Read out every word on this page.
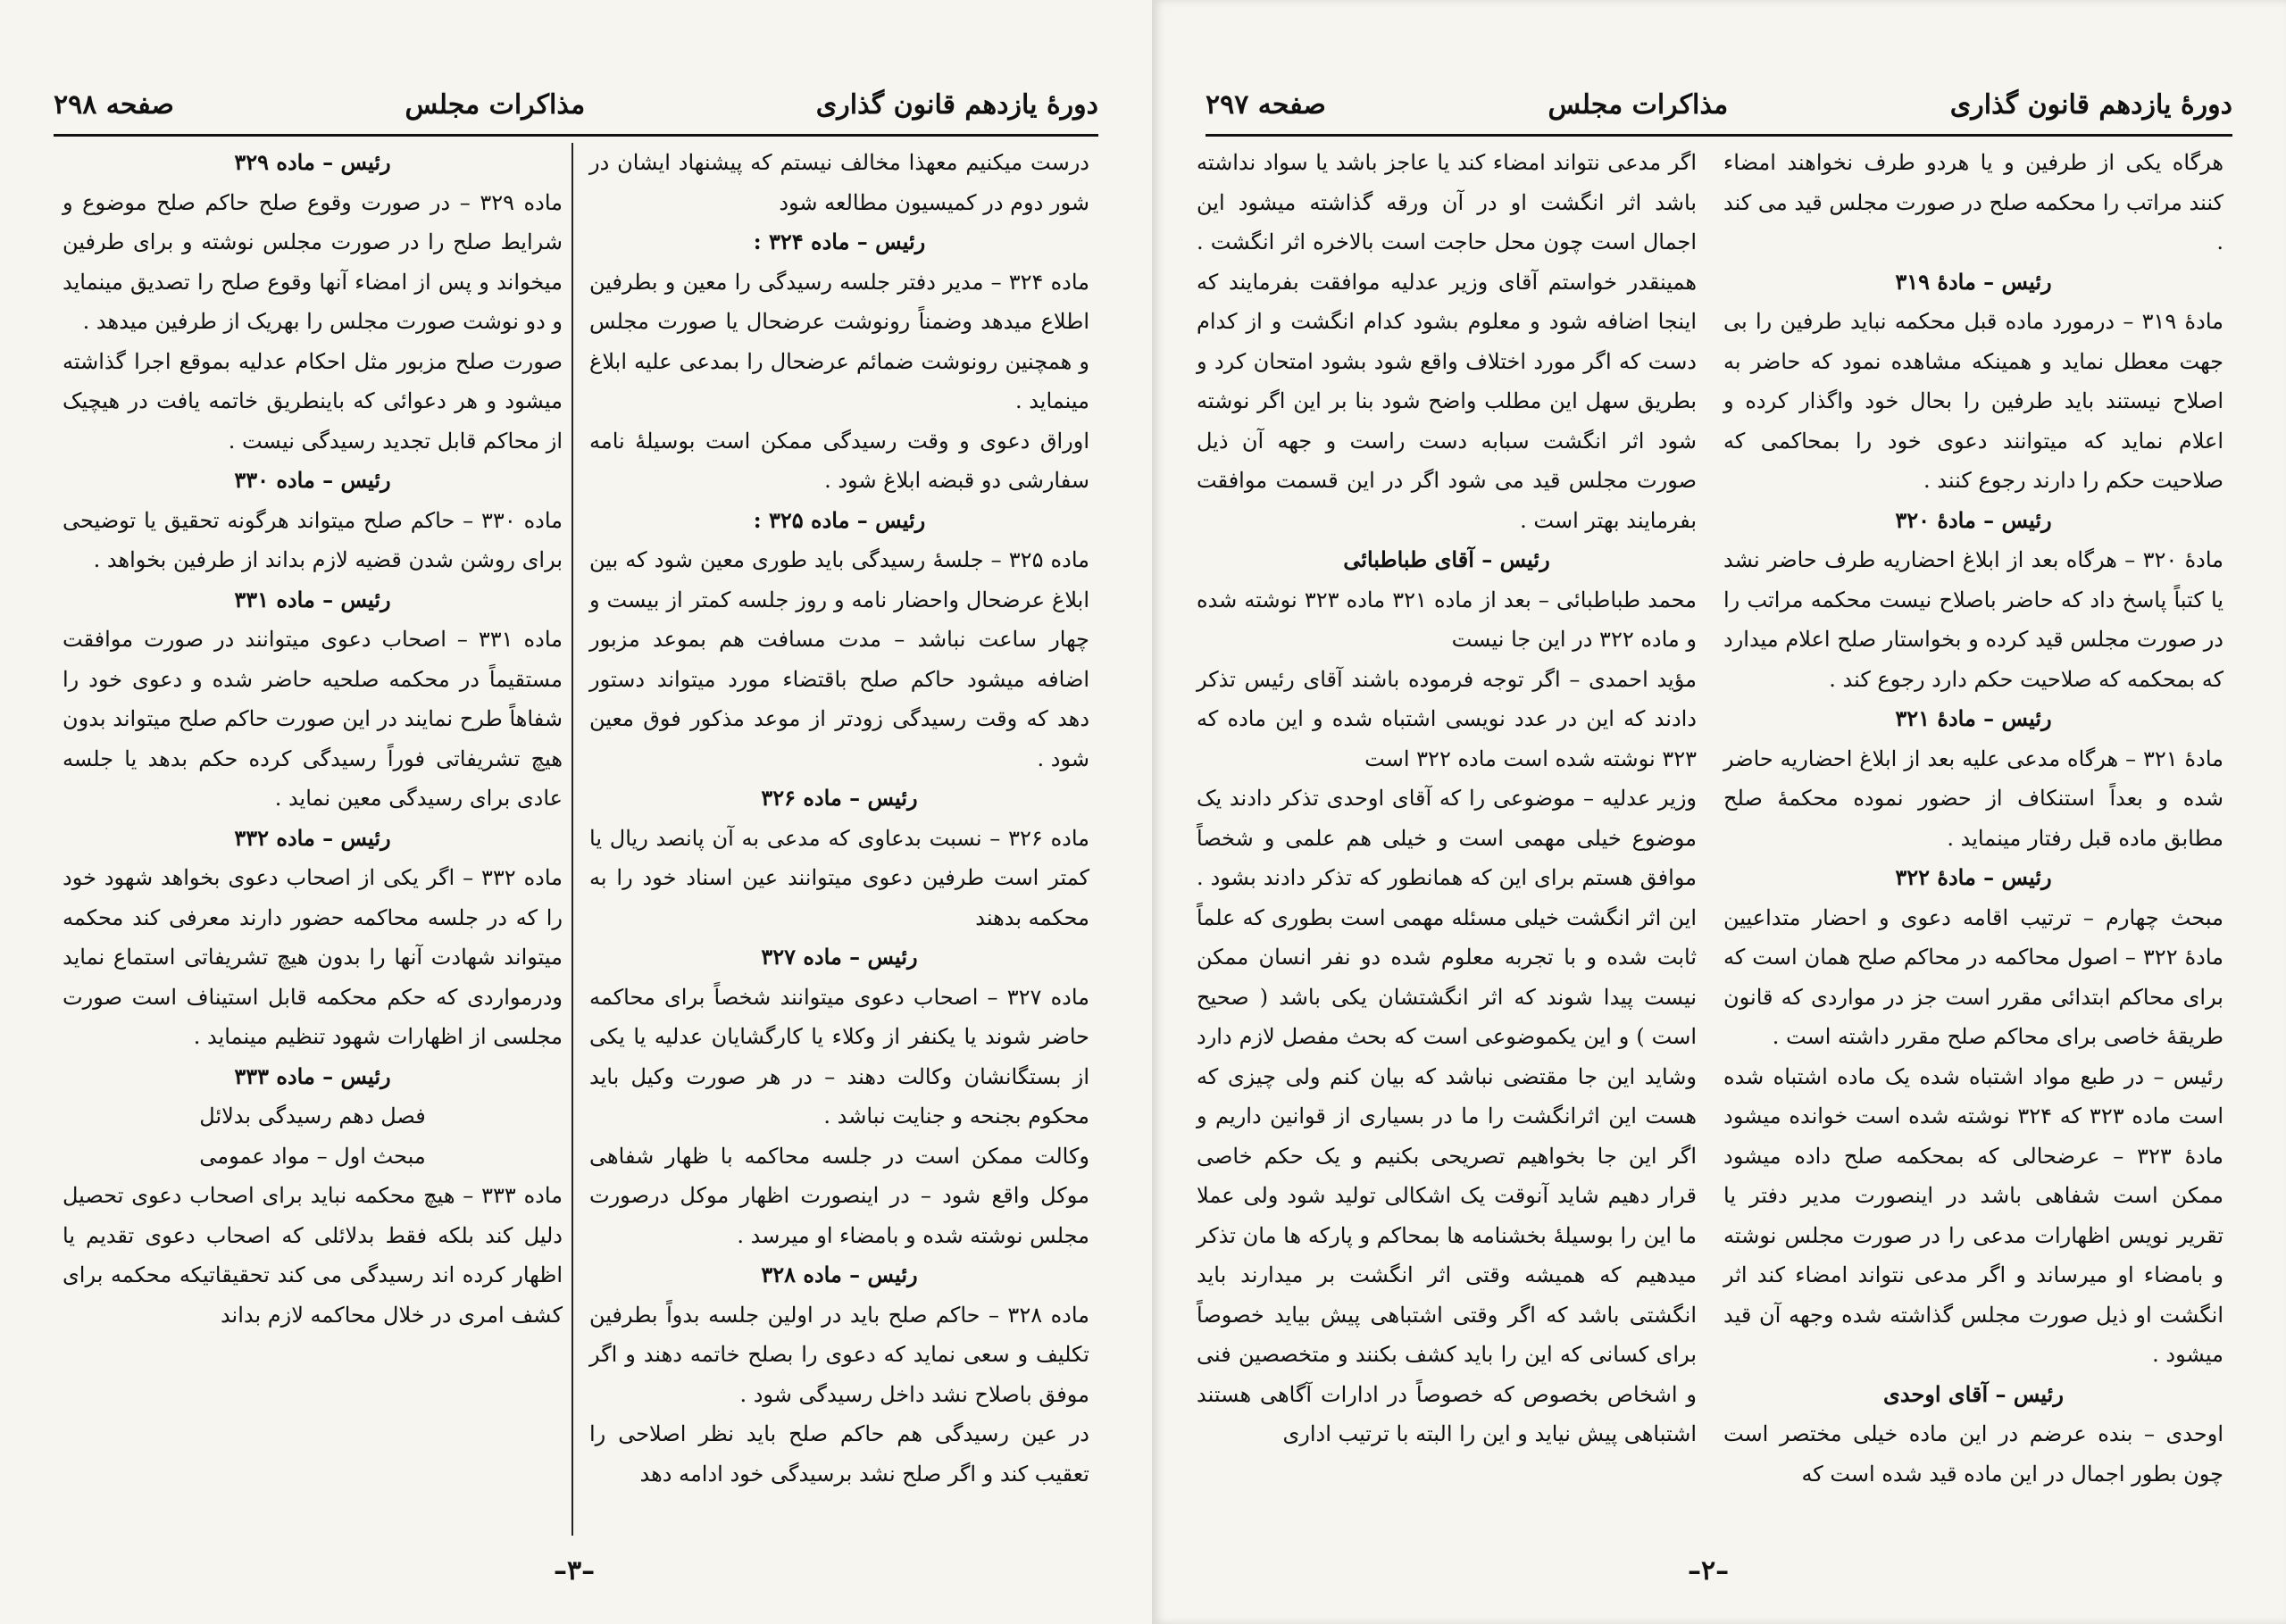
دورهٔ یازدهم قانون گذاری
مذاکرات مجلس
صفحه ۲۹۸

درست میکنیم معهذا مخالف نیستم که پیشنهاد ایشان در شور دوم در کمیسیون مطالعه شود

رئیس – ماده ۳۲۴ :

ماده ۳۲۴ – مدیر دفتر جلسه رسیدگی را معین و بطرفین اطلاع میدهد وضمناً رونوشت عرضحال یا صورت مجلس و همچنین رونوشت ضمائم عرضحال را بمدعی علیه ابلاغ مینماید .

اوراق دعوی و وقت رسیدگی ممکن است بوسیلهٔ نامه سفارشی دو قبضه ابلاغ شود .

رئیس – ماده ۳۲۵ :

ماده ۳۲۵ – جلسهٔ رسیدگی باید طوری معین شود که بین ابلاغ عرضحال واحضار نامه و روز جلسه کمتر از بیست و چهار ساعت نباشد – مدت مسافت هم بموعد مزبور اضافه میشود حاکم صلح باقتضاء مورد میتواند دستور دهد که وقت رسیدگی زودتر از موعد مذکور فوق معین شود .

رئیس – ماده ۳۲۶

ماده ۳۲۶ – نسبت بدعاوی که مدعی به آن پانصد ریال یا کمتر است طرفین دعوی میتوانند عین اسناد خود را به محکمه بدهند

رئیس – ماده ۳۲۷

ماده ۳۲۷ – اصحاب دعوی میتوانند شخصاً برای محاکمه حاضر شوند یا یکنفر از وکلاء یا کارگشایان عدلیه یا یکی از بستگانشان وکالت دهند – در هر صورت وکیل باید محکوم بجنحه و جنایت نباشد .

وکالت ممکن است در جلسه محاکمه با ظهار شفاهی موکل واقع شود – در اینصورت اظهار موکل درصورت مجلس نوشته شده و بامضاء او میرسد .

رئیس – ماده ۳۲۸

ماده ۳۲۸ – حاکم صلح باید در اولین جلسه بدواً بطرفین تکلیف و سعی نماید که دعوی را بصلح خاتمه دهند و اگر موفق باصلاح نشد داخل رسیدگی شود .

در عین رسیدگی هم حاکم صلح باید نظر اصلاحی را تعقیب کند و اگر صلح نشد برسیدگی خود ادامه دهد

رئیس – ماده ۳۲۹

ماده ۳۲۹ – در صورت وقوع صلح حاکم صلح موضوع و شرایط صلح را در صورت مجلس نوشته و برای طرفین میخواند و پس از امضاء آنها وقوع صلح را تصدیق مینماید و دو نوشت صورت مجلس را بهریک از طرفین میدهد .

صورت صلح مزبور مثل احکام عدلیه بموقع اجرا گذاشته میشود و هر دعوائی که باینطریق خاتمه یافت در هیچیک از محاکم قابل تجدید رسیدگی نیست .

رئیس – ماده ۳۳۰

ماده ۳۳۰ – حاکم صلح میتواند هرگونه تحقیق یا توضیحی برای روشن شدن قضیه لازم بداند از طرفین بخواهد .

رئیس – ماده ۳۳۱

ماده ۳۳۱ – اصحاب دعوی میتوانند در صورت موافقت مستقیماً در محکمه صلحیه حاضر شده و دعوی خود را شفاهاً طرح نمایند در این صورت حاکم صلح میتواند بدون هیچ تشریفاتی فوراً رسیدگی کرده حکم بدهد یا جلسه عادی برای رسیدگی معین نماید .

رئیس – ماده ۳۳۲

ماده ۳۳۲ – اگر یکی از اصحاب دعوی بخواهد شهود خود را که در جلسه محاکمه حضور دارند معرفی کند محکمه میتواند شهادت آنها را بدون هیچ تشریفاتی استماع نماید ودرمواردی که حکم محکمه قابل استیناف است صورت مجلسی از اظهارات شهود تنظیم مینماید .

رئیس – ماده ۳۳۳

فصل دهم رسیدگی بدلائل

مبحث اول – مواد عمومی

ماده ۳۳۳ – هیچ محکمه نباید برای اصحاب دعوی تحصیل دلیل کند بلکه فقط بدلائلی که اصحاب دعوی تقدیم یا اظهار کرده اند رسیدگی می کند تحقیقاتیکه محکمه برای کشف امری در خلال محاکمه لازم بداند

–۳–
دورهٔ یازدهم قانون گذاری
مذاکرات مجلس
صفحه ۲۹۷

هرگاه یکی از طرفین و یا هردو طرف نخواهند امضاء کنند مراتب را محکمه صلح در صورت مجلس قید می کند .

رئیس – مادهٔ ۳۱۹

مادهٔ ۳۱۹ – درمورد ماده قبل محکمه نباید طرفین را بی جهت معطل نماید و همینکه مشاهده نمود که حاضر به اصلاح نیستند باید طرفین را بحال خود واگذار کرده و اعلام نماید که میتوانند دعوی خود را بمحاکمی که صلاحیت حکم را دارند رجوع کنند .

رئیس – مادهٔ ۳۲۰

مادهٔ ۳۲۰ – هرگاه بعد از ابلاغ احضاریه طرف حاضر نشد یا کتباً پاسخ داد که حاضر باصلاح نیست محکمه مراتب را در صورت مجلس قید کرده و بخواستار صلح اعلام میدارد که بمحکمه که صلاحیت حکم دارد رجوع کند .

رئیس – مادهٔ ۳۲۱

مادهٔ ۳۲۱ – هرگاه مدعی علیه بعد از ابلاغ احضاریه حاضر شده و بعداً استنکاف از حضور نموده محکمهٔ صلح مطابق ماده قبل رفتار مینماید .

رئیس – مادهٔ ۳۲۲

مبحث چهارم – ترتیب اقامه دعوی و احضار متداعیین مادهٔ ۳۲۲ – اصول محاکمه در محاکم صلح همان است که برای محاکم ابتدائی مقرر است جز در مواردی که قانون طریقهٔ خاصی برای محاکم صلح مقرر داشته است .

رئیس – در طبع مواد اشتباه شده یک ماده اشتباه شده است ماده ۳۲۳ که ۳۲۴ نوشته شده است خوانده میشود مادهٔ ۳۲۳ – عرضحالی که بمحکمه صلح داده میشود ممکن است شفاهی باشد در اینصورت مدیر دفتر یا تقریر نویس اظهارات مدعی را در صورت مجلس نوشته و بامضاء او میرساند و اگر مدعی نتواند امضاء کند اثر انگشت او ذیل صورت مجلس گذاشته شده وجهه آن قید میشود .

رئیس – آقای اوحدی

اوحدی – بنده عرضم در این ماده خیلی مختصر است چون بطور اجمال در این ماده قید شده است که

اگر مدعی نتواند امضاء کند یا عاجز باشد یا سواد نداشته باشد اثر انگشت او در آن ورقه گذاشته میشود این اجمال است چون محل حاجت است بالاخره اثر انگشت . همینقدر خواستم آقای وزیر عدلیه موافقت بفرمایند که اینجا اضافه شود و معلوم بشود کدام انگشت و از کدام دست که اگر مورد اختلاف واقع شود بشود امتحان کرد و بطریق سهل این مطلب واضح شود بنا بر این اگر نوشته شود اثر انگشت سبابه دست راست و جهه آن ذیل صورت مجلس قید می شود اگر در این قسمت موافقت بفرمایند بهتر است .

رئیس – آقای طباطبائی

محمد طباطبائی – بعد از ماده ۳۲۱ ماده ۳۲۳ نوشته شده و ماده ۳۲۲ در این جا نیست

مؤید احمدی – اگر توجه فرموده باشند آقای رئیس تذکر دادند که این در عدد نویسی اشتباه شده و این ماده که ۳۲۳ نوشته شده است ماده ۳۲۲ است

وزیر عدلیه – موضوعی را که آقای اوحدی تذکر دادند یک موضوع خیلی مهمی است و خیلی هم علمی و شخصاً موافق هستم برای این که همانطور که تذکر دادند بشود . این اثر انگشت خیلی مسئله مهمی است بطوری که علماً ثابت شده و با تجربه معلوم شده دو نفر انسان ممکن نیست پیدا شوند که اثر انگشتشان یکی باشد ( صحیح است ) و این یکموضوعی است که بحث مفصل لازم دارد وشاید این جا مقتضی نباشد که بیان کنم ولی چیزی که هست این اثرانگشت را ما در بسیاری از قوانین داریم و اگر این جا بخواهیم تصریحی بکنیم و یک حکم خاصی قرار دهیم شاید آنوقت یک اشکالی تولید شود ولی عملا ما این را بوسیلهٔ بخشنامه ها بمحاکم و پارکه ها مان تذکر میدهیم که همیشه وقتی اثر انگشت بر میدارند باید انگشتی باشد که اگر وقتی اشتباهی پیش بیاید خصوصاً برای کسانی که این را باید کشف بکنند و متخصصین فنی و اشخاص بخصوص که خصوصاً در ادارات آگاهی هستند اشتباهی پیش نیاید و این را البته با ترتیب اداری

–۲–
